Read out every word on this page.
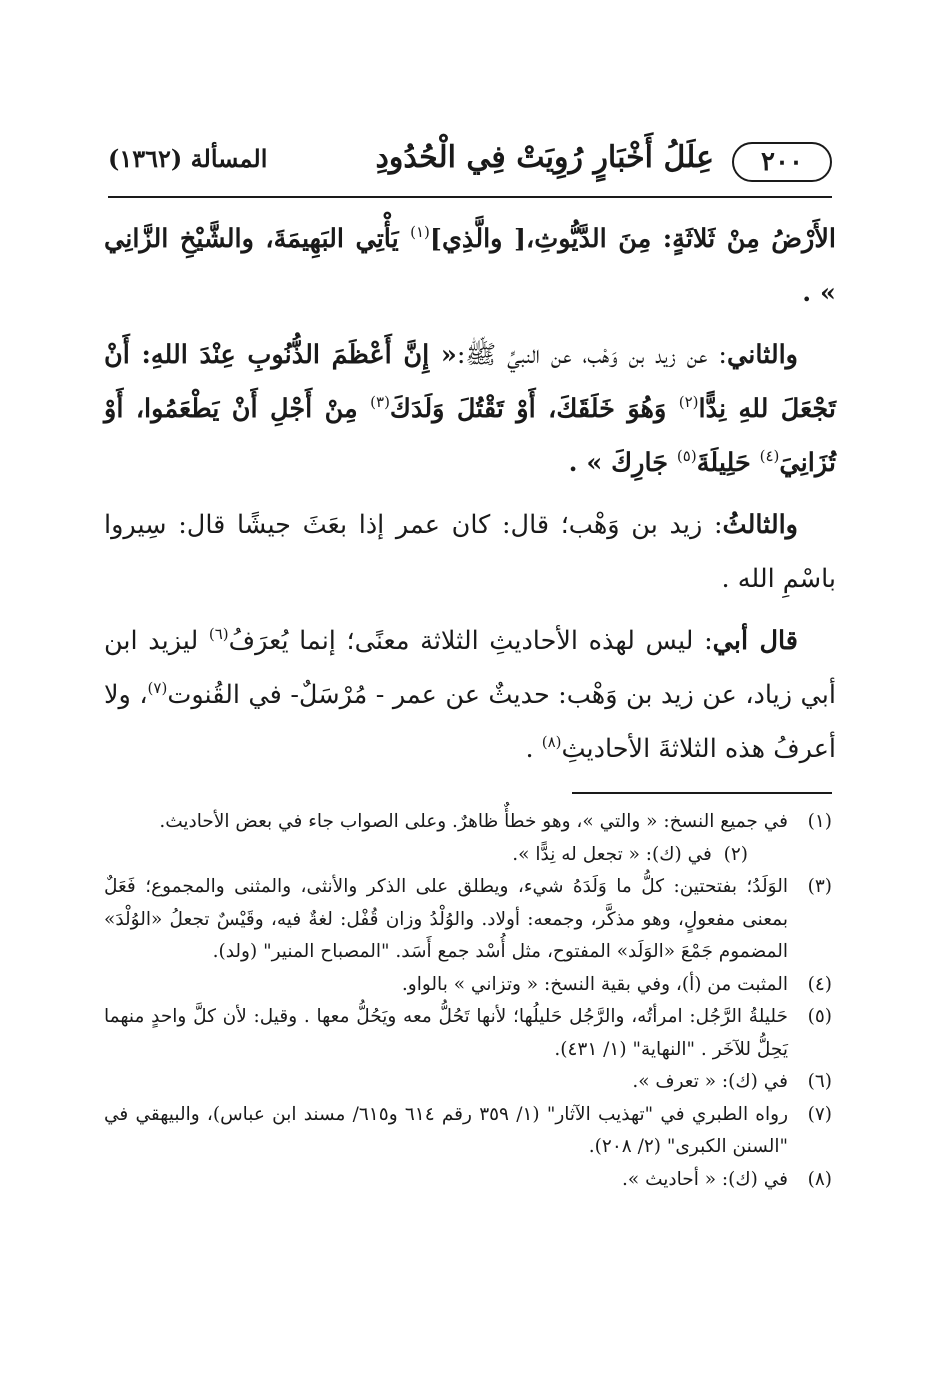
٢٠٠
عِلَلُ أَخْبَارٍ رُوِيَتْ فِي الْحُدُودِ
المسألة (١٣٦٢)

الأَرْضُ مِنْ ثَلاثَةٍ: مِنَ الدَّيُّوثِ،[ والَّذِي]$^{(١)}$ يَأْتِي البَهِيمَةَ، والشَّيْخِ الزَّانِي » .

والثاني: عن زيد بن وَهْب، عن النبيِّ ﷺ:« إِنَّ أَعْظَمَ الذُّنُوبِ عِنْدَ اللهِ: أَنْ تَجْعَلَ للهِ نِدًّا$^{(٢)}$ وَهُوَ خَلَقَكَ، أَوْ تَقْتُلَ وَلَدَكَ$^{(٣)}$ مِنْ أَجْلِ أَنْ يَطْعَمُوا، أَوْ تُزَانِيَ$^{(٤)}$ حَلِيلَةَ$^{(٥)}$ جَارِكَ » .

والثالثُ: زيد بن وَهْب؛ قال: كان عمر إذا بعَثَ جيشًا قال: سِيروا باسْمِ الله .

قال أبي: ليس لهذه الأحاديثِ الثلاثة معنًى؛ إنما يُعرَفُ$^{(٦)}$ ليزيد ابن أبي زياد، عن زيد بن وَهْب: حديثٌ عن عمر - مُرْسَلٌ- في القُنوت$^{(٧)}$، ولا أعرفُ هذه الثلاثةَ الأحاديثِ$^{(٨)}$ .

(١)
في جميع النسخ: « والتي »، وهو خطأٌ ظاهرٌ. وعلى الصواب جاء في بعض الأحاديث.
(٢)  في (ك): « تجعل له نِدًّا ».
(٣)
الوَلَدُ؛ بفتحتين: كلُّ ما وَلَدَهُ شيء، ويطلق على الذكر والأنثى، والمثنى والمجموع؛ فَعَلٌ بمعنى مفعولٍ، وهو مذكَّر، وجمعه: أولاد. والوُلْدُ وزان قُفْل: لغةٌ فيه، وقَيْسٌ تجعلُ «الوُلْدَ» المضموم جَمْعَ «الوَلَد» المفتوح، مثل أُسْد جمع أَسَد. "المصباح المنير" (ولد).
(٤)
المثبت من (أ)، وفي بقية النسخ: « وتزاني » بالواو.
(٥)
حَليلةُ الرَّجُل: امرأتُه، والرَّجُل حَليلُها؛ لأنها تَحُلُّ معه ويَحُلُّ معها . وقيل: لأن كلَّ واحدٍ منهما يَحِلُّ للآخَر . "النهاية" (١/ ٤٣١).
(٦)
في (ك): « تعرف ».
(٧)
رواه الطبري في "تهذيب الآثار" (١/ ٣٥٩ رقم ٦١٤ و٦١٥/ مسند ابن عباس)، والبيهقي في "السنن الكبرى" (٢/ ٢٠٨).
(٨)
في (ك): « أحاديث ».
